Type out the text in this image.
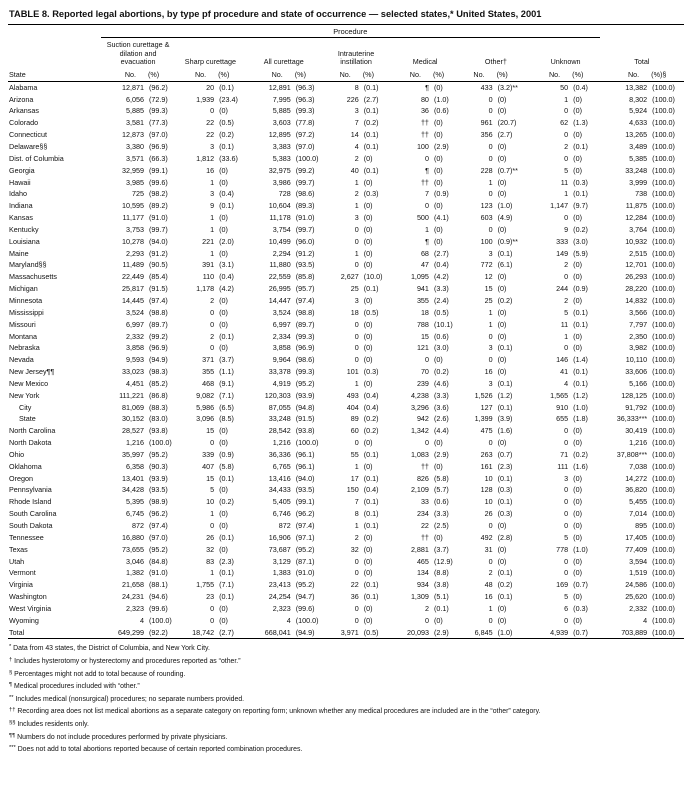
TABLE 8. Reported legal abortions, by type pf procedure and state of occurrence — selected states,* United States, 2001
	Procedure															
	Suction curettage & dilation and evacuation		Sharp curettage		All curettage		Intrauterine instillation		Medical		Other†		Unknown		Total	
State	No.	(%)	No.	(%)	No.	(%)	No.	(%)	No.	(%)	No.	(%)	No.	(%)	No.	(%)§
Alabama	12,871	(96.2)	20	(0.1)	12,891	(96.3)	8	(0.1)	¶	(0)	433	(3.2)**	50	(0.4)	13,382	(100.0)
Arizona	6,056	(72.9)	1,939	(23.4)	7,995	(96.3)	226	(2.7)	80	(1.0)	0	(0)	1	(0)	8,302	(100.0)
Arkansas	5,885	(99.3)	0	(0)	5,885	(99.3)	3	(0.1)	36	(0.6)	0	(0)	0	(0)	5,924	(100.0)
Colorado	3,581	(77.3)	22	(0.5)	3,603	(77.8)	7	(0.2)	††	(0)	961	(20.7)	62	(1.3)	4,633	(100.0)
Connecticut	12,873	(97.0)	22	(0.2)	12,895	(97.2)	14	(0.1)	††	(0)	356	(2.7)	0	(0)	13,265	(100.0)
Delaware§§	3,380	(96.9)	3	(0.1)	3,383	(97.0)	4	(0.1)	100	(2.9)	0	(0)	2	(0.1)	3,489	(100.0)
Dist. of Columbia	3,571	(66.3)	1,812	(33.6)	5,383	(100.0)	2	(0)	0	(0)	0	(0)	0	(0)	5,385	(100.0)
Georgia	32,959	(99.1)	16	(0)	32,975	(99.2)	40	(0.1)	¶	(0)	228	(0.7)**	5	(0)	33,248	(100.0)
Hawaii	3,985	(99.6)	1	(0)	3,986	(99.7)	1	(0)	††	(0)	1	(0)	11	(0.3)	3,999	(100.0)
Idaho	725	(98.2)	3	(0.4)	728	(98.6)	2	(0.3)	7	(0.9)	0	(0)	1	(0.1)	738	(100.0)
Indiana	10,595	(89.2)	9	(0.1)	10,604	(89.3)	1	(0)	0	(0)	123	(1.0)	1,147	(9.7)	11,875	(100.0)
Kansas	11,177	(91.0)	1	(0)	11,178	(91.0)	3	(0)	500	(4.1)	603	(4.9)	0	(0)	12,284	(100.0)
Kentucky	3,753	(99.7)	1	(0)	3,754	(99.7)	0	(0)	1	(0)	0	(0)	9	(0.2)	3,764	(100.0)
Louisiana	10,278	(94.0)	221	(2.0)	10,499	(96.0)	0	(0)	¶	(0)	100	(0.9)**	333	(3.0)	10,932	(100.0)
Maine	2,293	(91.2)	1	(0)	2,294	(91.2)	1	(0)	68	(2.7)	3	(0.1)	149	(5.9)	2,515	(100.0)
Maryland§§	11,489	(90.5)	391	(3.1)	11,880	(93.5)	0	(0)	47	(0.4)	772	(6.1)	2	(0)	12,701	(100.0)
Massachusetts	22,449	(85.4)	110	(0.4)	22,559	(85.8)	2,627	(10.0)	1,095	(4.2)	12	(0)	0	(0)	26,293	(100.0)
Michigan	25,817	(91.5)	1,178	(4.2)	26,995	(95.7)	25	(0.1)	941	(3.3)	15	(0)	244	(0.9)	28,220	(100.0)
Minnesota	14,445	(97.4)	2	(0)	14,447	(97.4)	3	(0)	355	(2.4)	25	(0.2)	2	(0)	14,832	(100.0)
Mississippi	3,524	(98.8)	0	(0)	3,524	(98.8)	18	(0.5)	18	(0.5)	1	(0)	5	(0.1)	3,566	(100.0)
Missouri	6,997	(89.7)	0	(0)	6,997	(89.7)	0	(0)	788	(10.1)	1	(0)	11	(0.1)	7,797	(100.0)
Montana	2,332	(99.2)	2	(0.1)	2,334	(99.3)	0	(0)	15	(0.6)	0	(0)	1	(0)	2,350	(100.0)
Nebraska	3,858	(96.9)	0	(0)	3,858	(96.9)	0	(0)	121	(3.0)	3	(0.1)	0	(0)	3,982	(100.0)
Nevada	9,593	(94.9)	371	(3.7)	9,964	(98.6)	0	(0)	0	(0)	0	(0)	146	(1.4)	10,110	(100.0)
New Jersey¶¶	33,023	(98.3)	355	(1.1)	33,378	(99.3)	101	(0.3)	70	(0.2)	16	(0)	41	(0.1)	33,606	(100.0)
New Mexico	4,451	(85.2)	468	(9.1)	4,919	(95.2)	1	(0)	239	(4.6)	3	(0.1)	4	(0.1)	5,166	(100.0)
New York	111,221	(86.8)	9,082	(7.1)	120,303	(93.9)	493	(0.4)	4,238	(3.3)	1,526	(1.2)	1,565	(1.2)	128,125	(100.0)
City	81,069	(88.3)	5,986	(6.5)	87,055	(94.8)	404	(0.4)	3,296	(3.6)	127	(0.1)	910	(1.0)	91,792	(100.0)
State	30,152	(83.0)	3,096	(8.5)	33,248	(91.5)	89	(0.2)	942	(2.6)	1,399	(3.9)	655	(1.8)	36,333***	(100.0)
North Carolina	28,527	(93.8)	15	(0)	28,542	(93.8)	60	(0.2)	1,342	(4.4)	475	(1.6)	0	(0)	30,419	(100.0)
North Dakota	1,216	(100.0)	0	(0)	1,216	(100.0)	0	(0)	0	(0)	0	(0)	0	(0)	1,216	(100.0)
Ohio	35,997	(95.2)	339	(0.9)	36,336	(96.1)	55	(0.1)	1,083	(2.9)	263	(0.7)	71	(0.2)	37,808***	(100.0)
Oklahoma	6,358	(90.3)	407	(5.8)	6,765	(96.1)	1	(0)	††	(0)	161	(2.3)	111	(1.6)	7,038	(100.0)
Oregon	13,401	(93.9)	15	(0.1)	13,416	(94.0)	17	(0.1)	826	(5.8)	10	(0.1)	3	(0)	14,272	(100.0)
Pennsylvania	34,428	(93.5)	5	(0)	34,433	(93.5)	150	(0.4)	2,109	(5.7)	128	(0.3)	0	(0)	36,820	(100.0)
Rhode Island	5,395	(98.9)	10	(0.2)	5,405	(99.1)	7	(0.1)	33	(0.6)	10	(0.1)	0	(0)	5,455	(100.0)
South Carolina	6,745	(96.2)	1	(0)	6,746	(96.2)	8	(0.1)	234	(3.3)	26	(0.3)	0	(0)	7,014	(100.0)
South Dakota	872	(97.4)	0	(0)	872	(97.4)	1	(0.1)	22	(2.5)	0	(0)	0	(0)	895	(100.0)
Tennessee	16,880	(97.0)	26	(0.1)	16,906	(97.1)	2	(0)	††	(0)	492	(2.8)	5	(0)	17,405	(100.0)
Texas	73,655	(95.2)	32	(0)	73,687	(95.2)	32	(0)	2,881	(3.7)	31	(0)	778	(1.0)	77,409	(100.0)
Utah	3,046	(84.8)	83	(2.3)	3,129	(87.1)	0	(0)	465	(12.9)	0	(0)	0	(0)	3,594	(100.0)
Vermont	1,382	(91.0)	1	(0.1)	1,383	(91.0)	0	(0)	134	(8.8)	2	(0.1)	0	(0)	1,519	(100.0)
Virginia	21,658	(88.1)	1,755	(7.1)	23,413	(95.2)	22	(0.1)	934	(3.8)	48	(0.2)	169	(0.7)	24,586	(100.0)
Washington	24,231	(94.6)	23	(0.1)	24,254	(94.7)	36	(0.1)	1,309	(5.1)	16	(0.1)	5	(0)	25,620	(100.0)
West Virginia	2,323	(99.6)	0	(0)	2,323	(99.6)	0	(0)	2	(0.1)	1	(0)	6	(0.3)	2,332	(100.0)
Wyoming	4	(100.0)	0	(0)	4	(100.0)	0	(0)	0	(0)	0	(0)	0	(0)	4	(100.0)
Total	649,299	(92.2)	18,742	(2.7)	668,041	(94.9)	3,971	(0.5)	20,093	(2.9)	6,845	(1.0)	4,939	(0.7)	703,889	(100.0)
* Data from 43 states, the District of Columbia, and New York City.
† Includes hysterotomy or hysterectomy and procedures reported as “other.”
§ Percentages might not add to total because of rounding.
¶ Medical procedures included with “other.”
** Includes medical (nonsurgical) procedures; no separate numbers provided.
†† Recording area does not list medical abortions as a separate category on reporting form; unknown whether any medical procedures are included are in the “other” category.
§§ Includes residents only.
¶¶ Numbers do not include procedures performed by private physicians.
*** Does not add to total abortions reported because of certain reported combination procedures.
